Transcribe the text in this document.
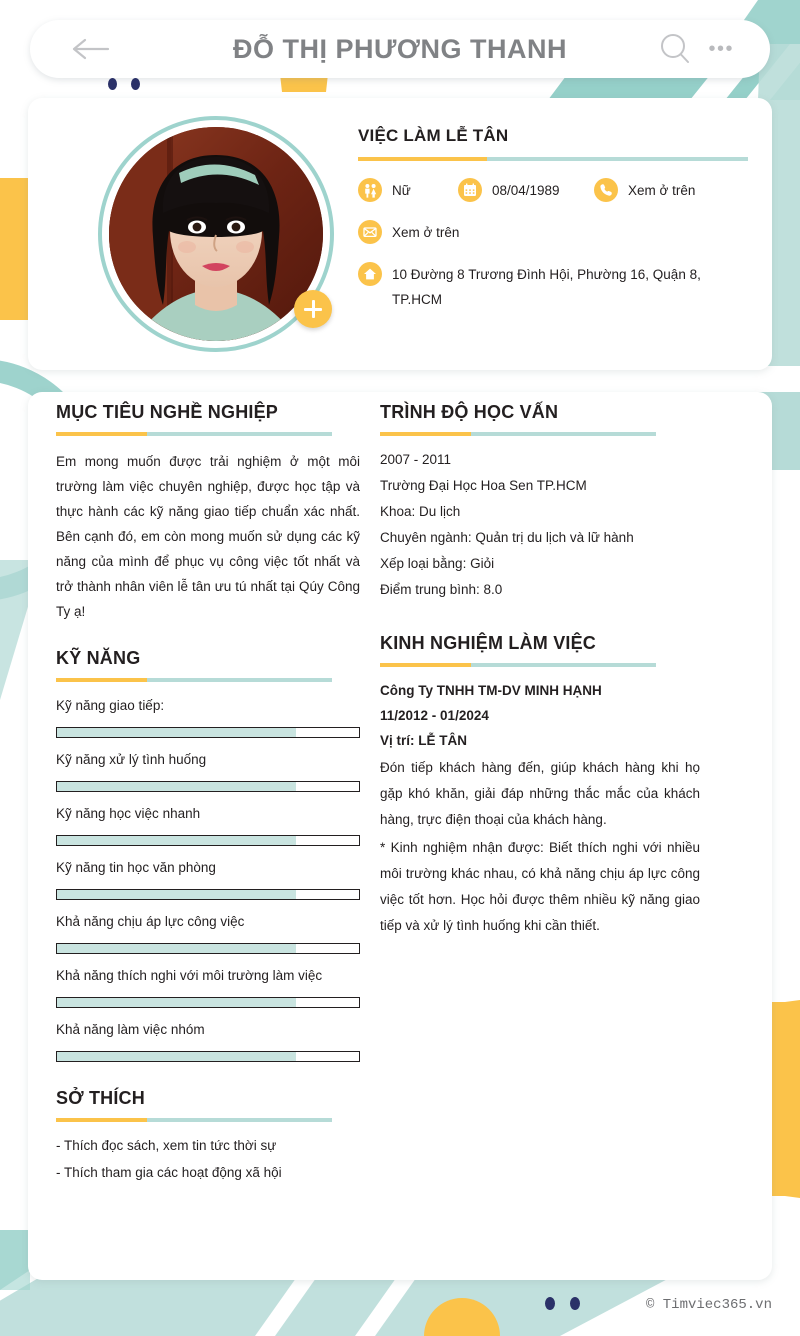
ĐỖ THỊ PHƯƠNG THANH	•••
VIỆC LÀM LỄ TÂN
Nữ	08/04/1989	Xem ở trên
Xem ở trên
10 Đường 8 Trương Đình Hội, Phường 16, Quận 8, TP.HCM
MỤC TIÊU NGHỀ NGHIỆP
Em mong muốn được trải nghiệm ở một môi trường làm việc chuyên nghiệp, được học tập và thực hành các kỹ năng giao tiếp chuẩn xác nhất. Bên cạnh đó, em còn mong muốn sử dụng các kỹ năng của mình để phục vụ công việc tốt nhất và trở thành nhân viên lễ tân ưu tú nhất tại Qúy Công Ty ạ!
KỸ NĂNG
Kỹ năng giao tiếp:
Kỹ năng xử lý tình huống
Kỹ năng học việc nhanh
Kỹ năng tin học văn phòng
Khả năng chịu áp lực công việc
Khả năng thích nghi với môi trường làm việc
Khả năng làm việc nhóm
SỞ THÍCH
- Thích đọc sách, xem tin tức thời sự
- Thích tham gia các hoạt động xã hội
TRÌNH ĐỘ HỌC VẤN
2007 - 2011
Trường Đại Học Hoa Sen TP.HCM
Khoa: Du lịch
Chuyên ngành: Quản trị du lịch và lữ hành
Xếp loại bằng: Giỏi
Điểm trung bình: 8.0
KINH NGHIỆM LÀM VIỆC
Công Ty TNHH TM-DV MINH HẠNH
11/2012 - 01/2024
Vị trí: LỄ TÂN
Đón tiếp khách hàng đến, giúp khách hàng khi họ gặp khó khăn, giải đáp những thắc mắc của khách hàng, trực điện thoại của khách hàng.
* Kinh nghiệm nhận được: Biết thích nghi với nhiều môi trường khác nhau, có khả năng chịu áp lực công việc tốt hơn. Học hỏi được thêm nhiều kỹ năng giao tiếp và xử lý tình huống khi cần thiết.
© Timviec365.vn
